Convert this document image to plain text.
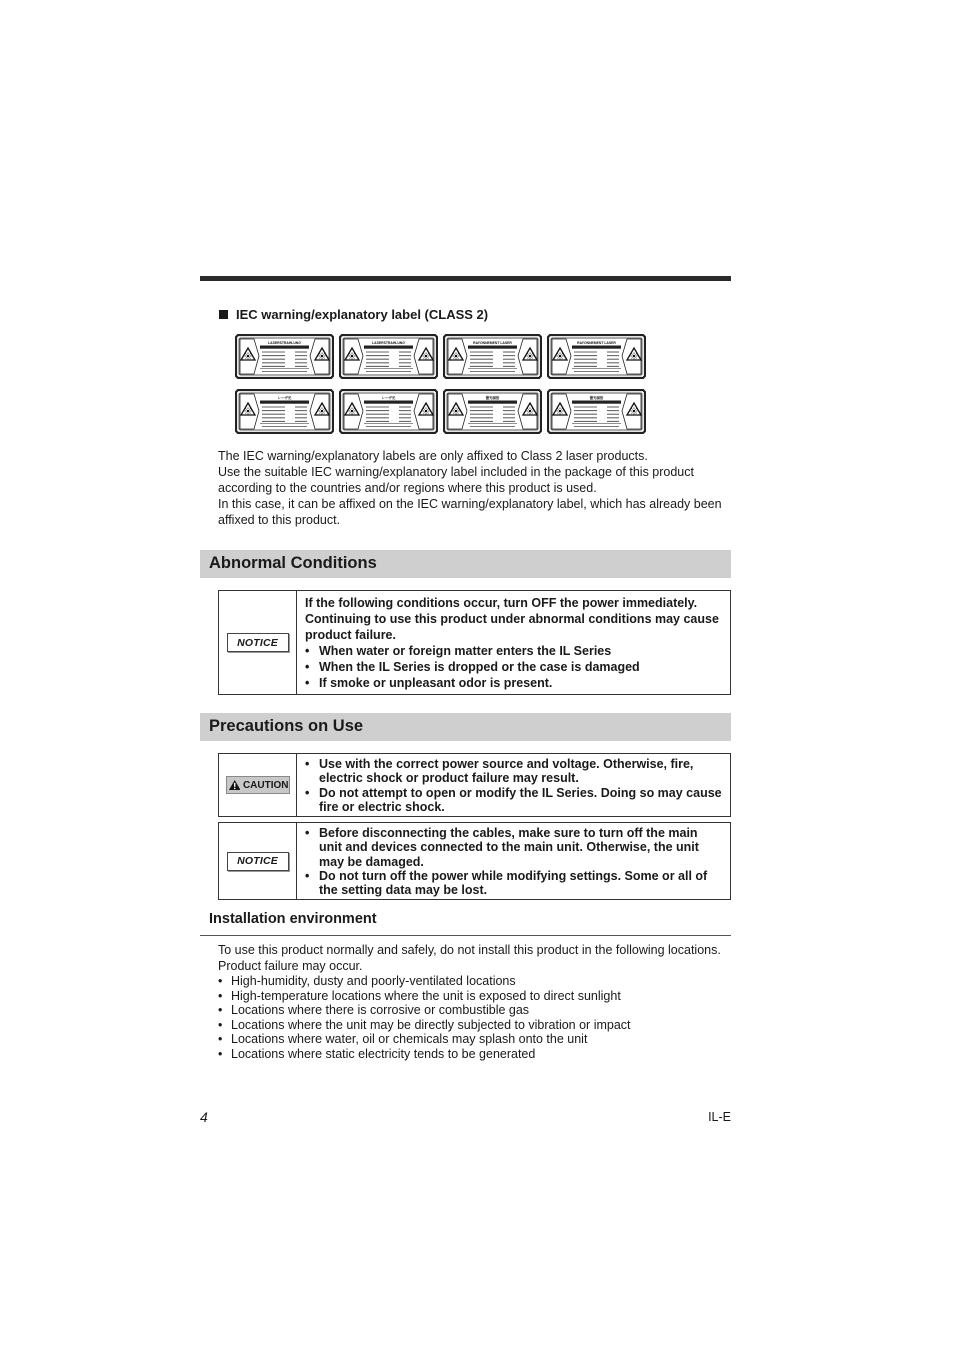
IEC warning/explanatory label (CLASS 2)
LASERSTRAHLUNG	LASERSTRAHLUNG	RAYONNEMENT LASER	RAYONNEMENT LASER
レーザ光	レーザ光	激光辐射	激光辐射

The IEC warning/explanatory labels are only affixed to Class 2 laser products.

Use the suitable IEC warning/explanatory label included in the package of this product according to the countries and/or regions where this product is used.

In this case, it can be affixed on the IEC warning/explanatory label, which has already been affixed to this product.

Abnormal Conditions
NOTICE
If the following conditions occur, turn OFF the power immediately. Continuing to use this product under abnormal conditions may cause product failure.
• When water or foreign matter enters the IL Series
• When the IL Series is dropped or the case is damaged
• If smoke or unpleasant odor is present.
Precautions on Use
CAUTION
• Use with the correct power source and voltage. Otherwise, fire, electric shock or product failure may result.
• Do not attempt to open or modify the IL Series. Doing so may cause fire or electric shock.
NOTICE
• Before disconnecting the cables, make sure to turn off the main unit and devices connected to the main unit. Otherwise, the unit may be damaged.
• Do not turn off the power while modifying settings. Some or all of the setting data may be lost.
Installation environment
To use this product normally and safely, do not install this product in the following locations. Product failure may occur.
• High-humidity, dusty and poorly-ventilated locations
• High-temperature locations where the unit is exposed to direct sunlight
• Locations where there is corrosive or combustible gas
• Locations where the unit may be directly subjected to vibration or impact
• Locations where water, oil or chemicals may splash onto the unit
• Locations where static electricity tends to be generated
4	IL-E
